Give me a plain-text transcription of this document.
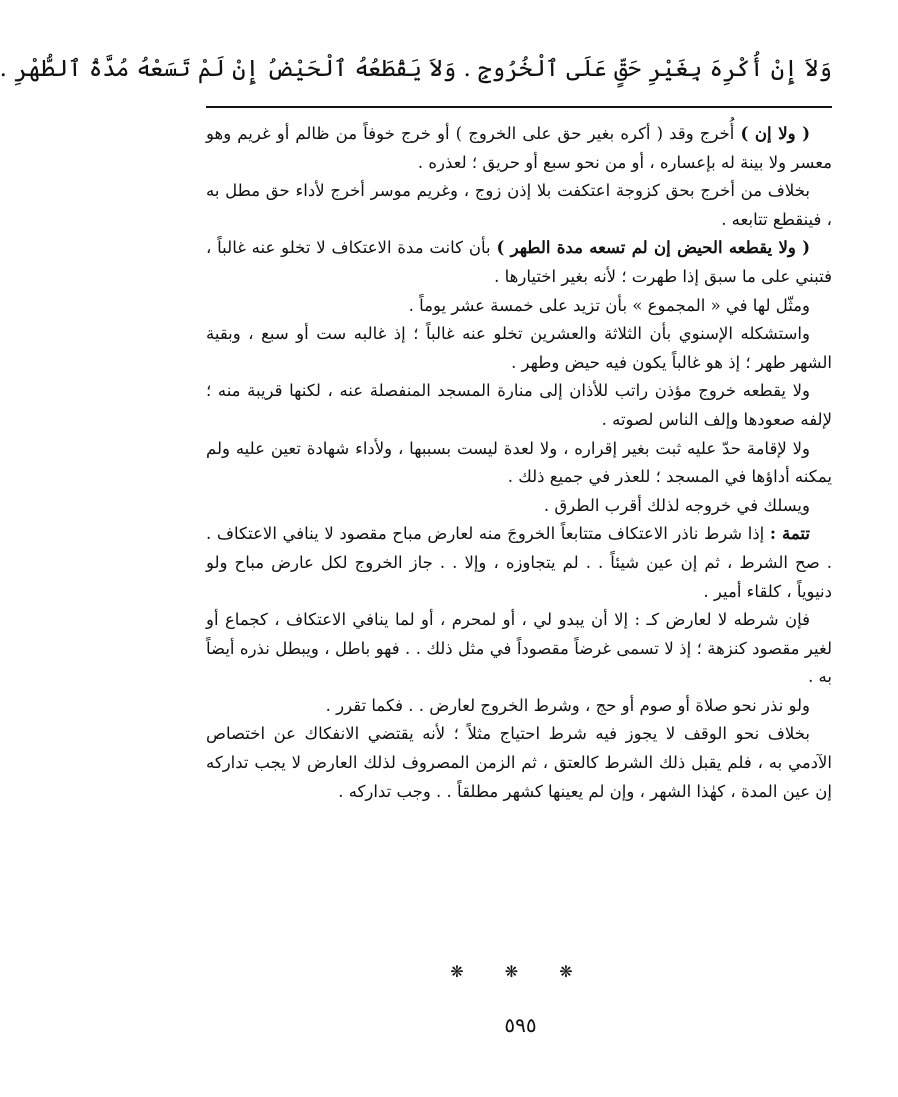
وَلاَ إِنْ أُكْرِهَ بِغَيْرِ حَقٍّ عَلَى ٱلْخُرُوجِ . وَلاَ يَقْطَعُهُ ٱلْحَيْضُ إِنْ لَمْ تَسَعْهُ مُدَّةُ ٱلطُّهْرِ .

( ولا إن ) أُخرج وقد ( أكره بغير حق على الخروج ) أو خرج خوفاً من ظالم أو غريم وهو معسر ولا بينة له بإعساره ، أو من نحو سبع أو حريق ؛ لعذره .

بخلاف من أخرج بحق كزوجة اعتكفت بلا إذن زوج ، وغريم موسر أخرج لأداء حق مطل به ، فينقطع تتابعه .

( ولا يقطعه الحيض إن لم تسعه مدة الطهر ) بأن كانت مدة الاعتكاف لا تخلو عنه غالباً ، فتبني على ما سبق إذا طهرت ؛ لأنه بغير اختيارها .

ومثّل لها في « المجموع » بأن تزيد على خمسة عشر يوماً .

واستشكله الإسنوي بأن الثلاثة والعشرين تخلو عنه غالباً ؛ إذ غالبه ست أو سبع ، وبقية الشهر طهر ؛ إذ هو غالباً يكون فيه حيض وطهر .

ولا يقطعه خروج مؤذن راتب للأذان إلى منارة المسجد المنفصلة عنه ، لكنها قريبة منه ؛ لإلفه صعودها وإلف الناس لصوته .

ولا لإقامة حدّ عليه ثبت بغير إقراره ، ولا لعدة ليست بسببها ، ولأداء شهادة تعين عليه ولم يمكنه أداؤها في المسجد ؛ للعذر في جميع ذلك .

ويسلك في خروجه لذلك أقرب الطرق .

تتمة : إذا شرط ناذر الاعتكاف متتابعاً الخروجَ منه لعارض مباح مقصود لا ينافي الاعتكاف . . صح الشرط ، ثم إن عين شيئاً . . لم يتجاوزه ، وإلا . . جاز الخروج لكل عارض مباح ولو دنيوياً ، كلقاء أمير .

فإن شرطه لا لعارض كـ : إلا أن يبدو لي ، أو لمحرم ، أو لما ينافي الاعتكاف ، كجماع أو لغير مقصود كنزهة ؛ إذ لا تسمى غرضاً مقصوداً في مثل ذلك . . فهو باطل ، ويبطل نذره أيضاً به .

ولو نذر نحو صلاة أو صوم أو حج ، وشرط الخروج لعارض . . فكما تقرر .

بخلاف نحو الوقف لا يجوز فيه شرط احتياج مثلاً ؛ لأنه يقتضي الانفكاك عن اختصاص الآدمي به ، فلم يقبل ذلك الشرط كالعتق ، ثم الزمن المصروف لذلك العارض لا يجب تداركه إن عين المدة ، كهٰذا الشهر ، وإن لم يعينها كشهر مطلقاً . . وجب تداركه .

❋ ❋ ❋
٥٩٥
